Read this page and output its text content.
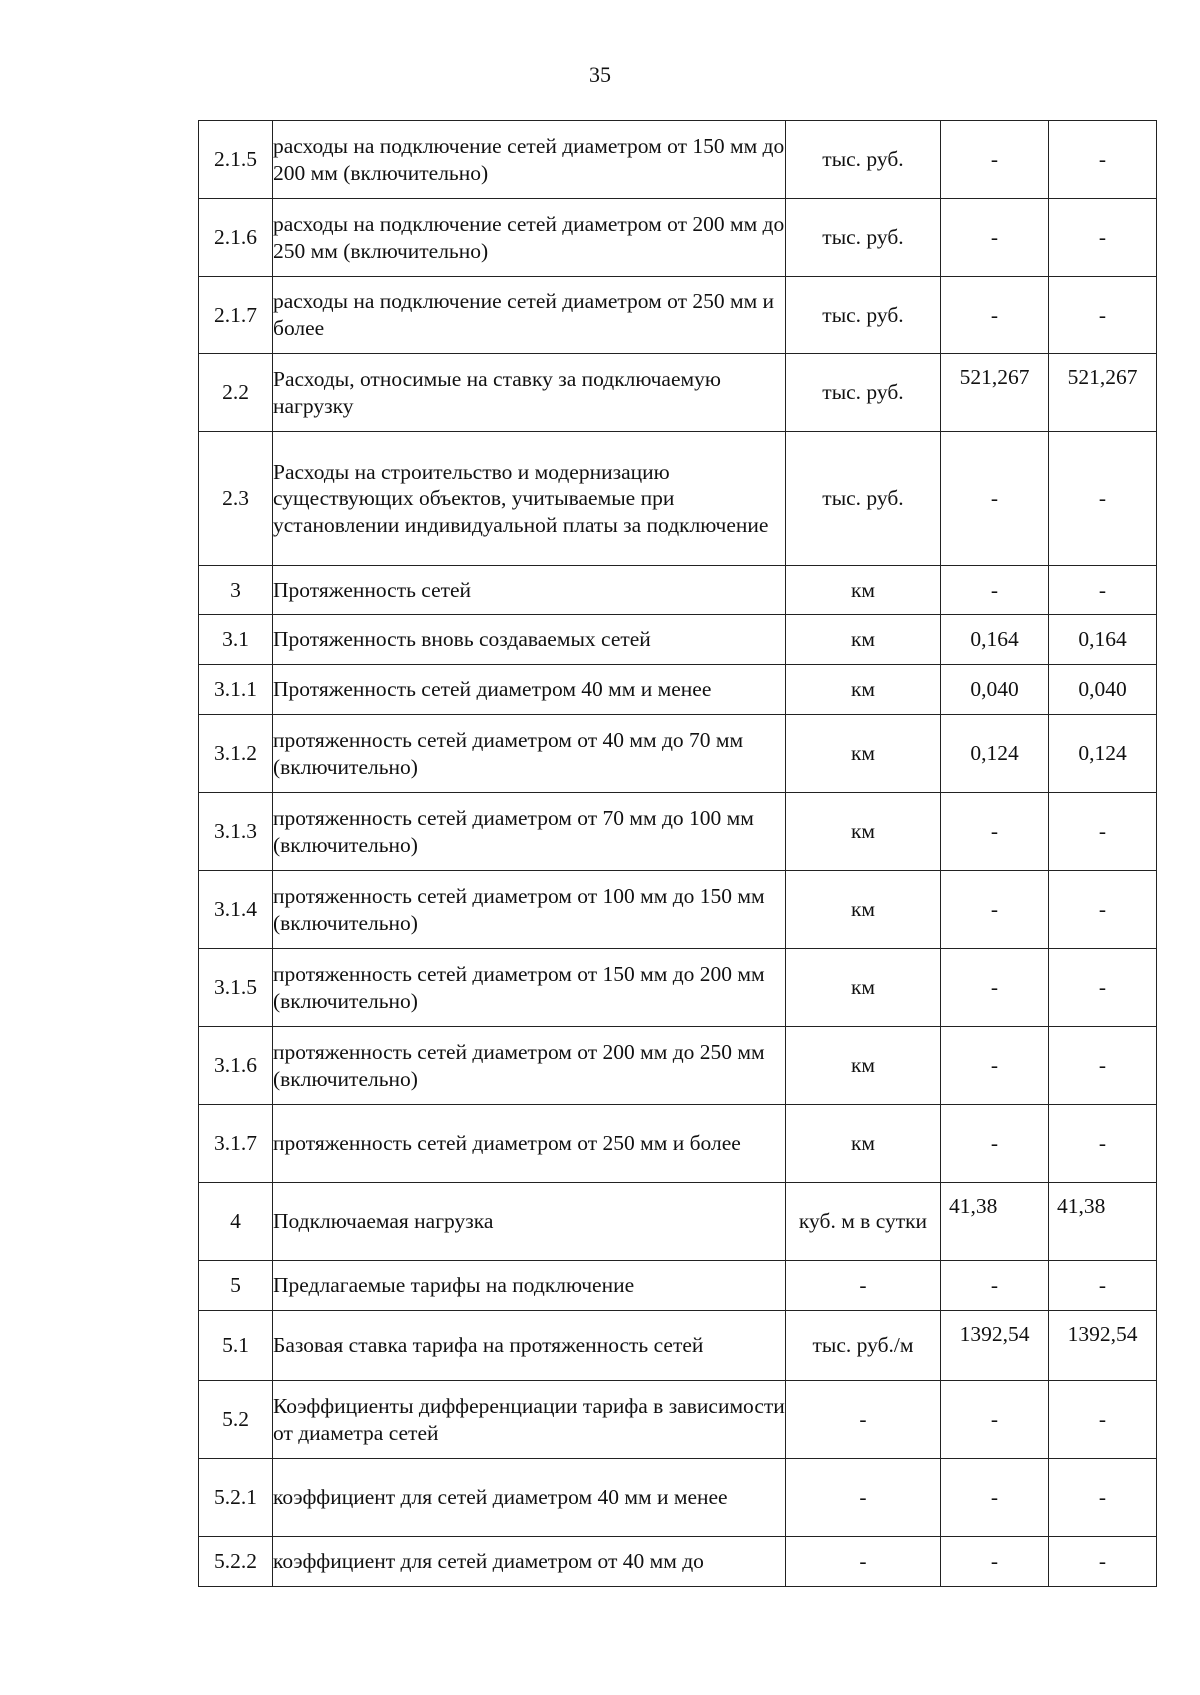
35
2.1.5	расходы на подключение сетей диаметром от 150 мм до 200 мм (включительно)	тыс. руб.	-	-
2.1.6	расходы на подключение сетей диаметром от 200 мм до 250 мм (включительно)	тыс. руб.	-	-
2.1.7	расходы на подключение сетей диаметром от 250 мм и более	тыс. руб.	-	-
2.2	Расходы, относимые на ставку за подключаемую нагрузку	тыс. руб.	521,267	521,267
2.3	Расходы на строительство и модернизацию существующих объектов, учитываемые при установлении индивидуальной платы за подключение	тыс. руб.	-	-
3	Протяженность сетей	км	-	-
3.1	Протяженность вновь создаваемых сетей	км	0,164	0,164
3.1.1	Протяженность сетей диаметром 40 мм и менее	км	0,040	0,040
3.1.2	протяженность сетей диаметром от 40 мм до 70 мм (включительно)	км	0,124	0,124
3.1.3	протяженность сетей диаметром от 70 мм до 100 мм (включительно)	км	-	-
3.1.4	протяженность сетей диаметром от 100 мм до 150 мм (включительно)	км	-	-
3.1.5	протяженность сетей диаметром от 150 мм до 200 мм (включительно)	км	-	-
3.1.6	протяженность сетей диаметром от 200 мм до 250 мм (включительно)	км	-	-
3.1.7	протяженность сетей диаметром от 250 мм и более	км	-	-
4	Подключаемая нагрузка	куб. м в сутки	41,38	41,38
5	Предлагаемые тарифы на подключение	-	-	-
5.1	Базовая ставка тарифа на протяженность сетей	тыс. руб./м	1392,54	1392,54
5.2	Коэффициенты дифференциации тарифа в зависимости от диаметра сетей	-	-	-
5.2.1	коэффициент для сетей диаметром 40 мм и менее	-	-	-
5.2.2	коэффициент для сетей диаметром от 40 мм до	-	-	-
